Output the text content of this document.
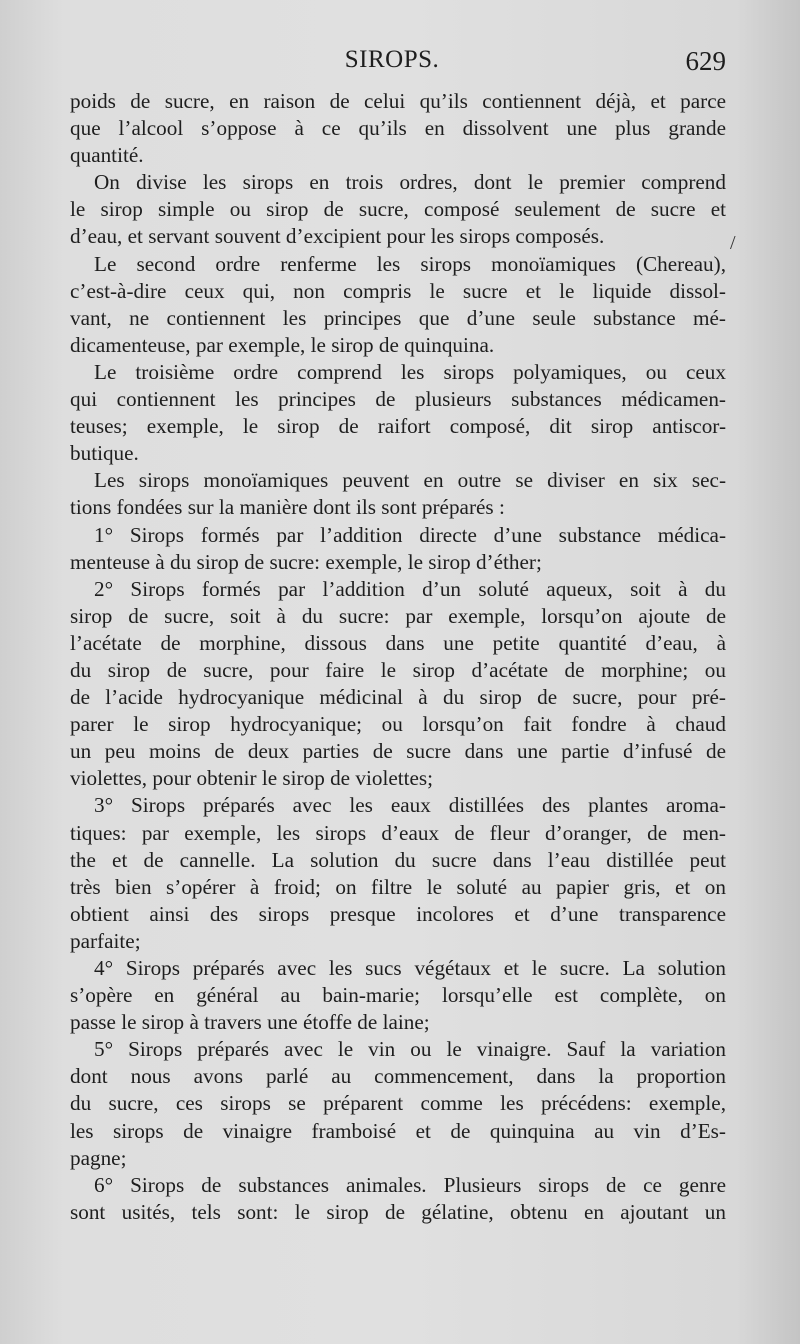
SIROPS.	629
/
poids de sucre, en raison de celui qu’ils contiennent déjà, et parce
que l’alcool s’oppose à ce qu’ils en dissolvent une plus grande
quantité.
On divise les sirops en trois ordres, dont le premier comprend
le sirop simple ou sirop de sucre, composé seulement de sucre et
d’eau, et servant souvent d’excipient pour les sirops composés.
Le second ordre renferme les sirops monoïamiques (Chereau),
c’est-à-dire ceux qui, non compris le sucre et le liquide dissol-
vant, ne contiennent les principes que d’une seule substance mé-
dicamenteuse, par exemple, le sirop de quinquina.
Le troisième ordre comprend les sirops polyamiques, ou ceux
qui contiennent les principes de plusieurs substances médicamen-
teuses; exemple, le sirop de raifort composé, dit sirop antiscor-
butique.
Les sirops monoïamiques peuvent en outre se diviser en six sec-
tions fondées sur la manière dont ils sont préparés :
1° Sirops formés par l’addition directe d’une substance médica-
menteuse à du sirop de sucre: exemple, le sirop d’éther;
2° Sirops formés par l’addition d’un soluté aqueux, soit à du
sirop de sucre, soit à du sucre: par exemple, lorsqu’on ajoute de
l’acétate de morphine, dissous dans une petite quantité d’eau, à
du sirop de sucre, pour faire le sirop d’acétate de morphine; ou
de l’acide hydrocyanique médicinal à du sirop de sucre, pour pré-
parer le sirop hydrocyanique; ou lorsqu’on fait fondre à chaud
un peu moins de deux parties de sucre dans une partie d’infusé de
violettes, pour obtenir le sirop de violettes;
3° Sirops préparés avec les eaux distillées des plantes aroma-
tiques: par exemple, les sirops d’eaux de fleur d’oranger, de men-
the et de cannelle. La solution du sucre dans l’eau distillée peut
très bien s’opérer à froid; on filtre le soluté au papier gris, et on
obtient ainsi des sirops presque incolores et d’une transparence
parfaite;
4° Sirops préparés avec les sucs végétaux et le sucre. La solution
s’opère en général au bain-marie; lorsqu’elle est complète, on
passe le sirop à travers une étoffe de laine;
5° Sirops préparés avec le vin ou le vinaigre. Sauf la variation
dont nous avons parlé au commencement, dans la proportion
du sucre, ces sirops se préparent comme les précédens: exemple,
les sirops de vinaigre framboisé et de quinquina au vin d’Es-
pagne;
6° Sirops de substances animales. Plusieurs sirops de ce genre
sont usités, tels sont: le sirop de gélatine, obtenu en ajoutant un
